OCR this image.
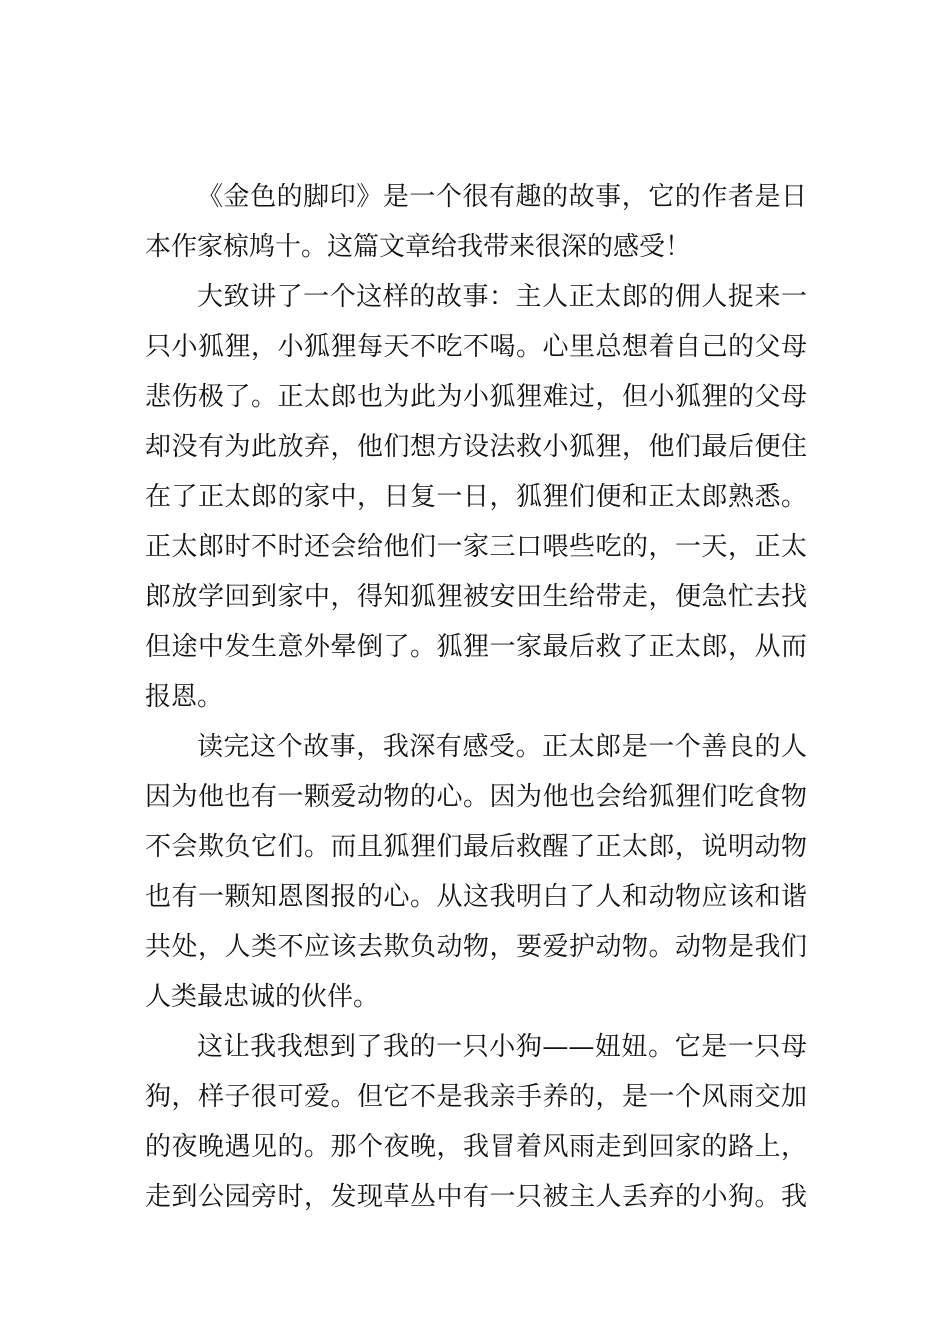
《金色的脚印》是一个很有趣的故事，它的作者是日
本作家椋鸠十。这篇文章给我带来很深的感受！
大致讲了一个这样的故事：主人正太郎的佣人捉来一
只小狐狸，小狐狸每天不吃不喝。心里总想着自己的父母
悲伤极了。正太郎也为此为小狐狸难过，但小狐狸的父母
却没有为此放弃，他们想方设法救小狐狸，他们最后便住
在了正太郎的家中，日复一日，狐狸们便和正太郎熟悉。
正太郎时不时还会给他们一家三口喂些吃的，一天，正太
郎放学回到家中，得知狐狸被安田生给带走，便急忙去找
但途中发生意外晕倒了。狐狸一家最后救了正太郎，从而
报恩。
读完这个故事，我深有感受。正太郎是一个善良的人
因为他也有一颗爱动物的心。因为他也会给狐狸们吃食物
不会欺负它们。而且狐狸们最后救醒了正太郎，说明动物
也有一颗知恩图报的心。从这我明白了人和动物应该和谐
共处，人类不应该去欺负动物，要爱护动物。动物是我们
人类最忠诚的伙伴。
这让我我想到了我的一只小狗——妞妞。它是一只母
狗，样子很可爱。但它不是我亲手养的，是一个风雨交加
的夜晚遇见的。那个夜晚，我冒着风雨走到回家的路上，
走到公园旁时，发现草丛中有一只被主人丢弃的小狗。我
